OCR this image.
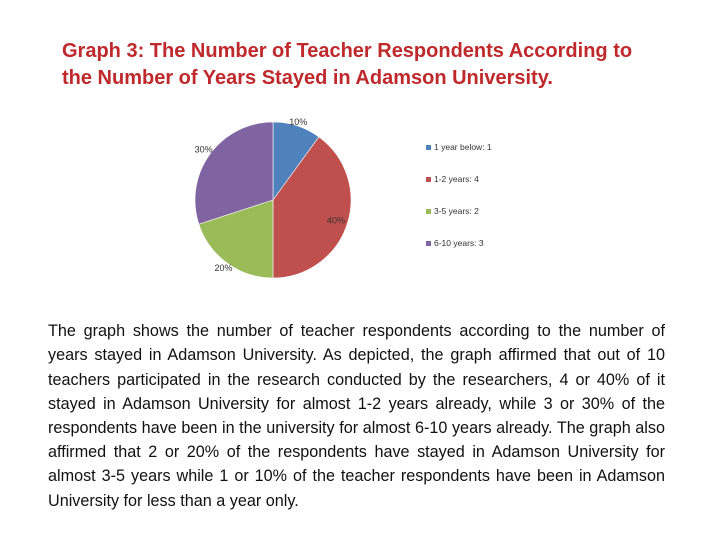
Graph 3: The Number of Teacher Respondents According to
the Number of Years Stayed in Adamson University.
10%
40%
20%
30%	1 year below: 1
1-2 years: 4
3-5 years: 2
6-10 years: 3

The graph shows the number of teacher respondents according to the number of years stayed in Adamson University. As depicted, the graph affirmed that out of 10 teachers participated in the research conducted by the researchers, 4 or 40% of it stayed in Adamson University for almost 1-2 years already, while 3 or 30% of the respondents have been in the university for almost 6-10 years already. The graph also affirmed that 2 or 20% of the respondents have stayed in Adamson University for almost 3-5 years while 1 or 10% of the teacher respondents have been in Adamson University for less than a year only.
